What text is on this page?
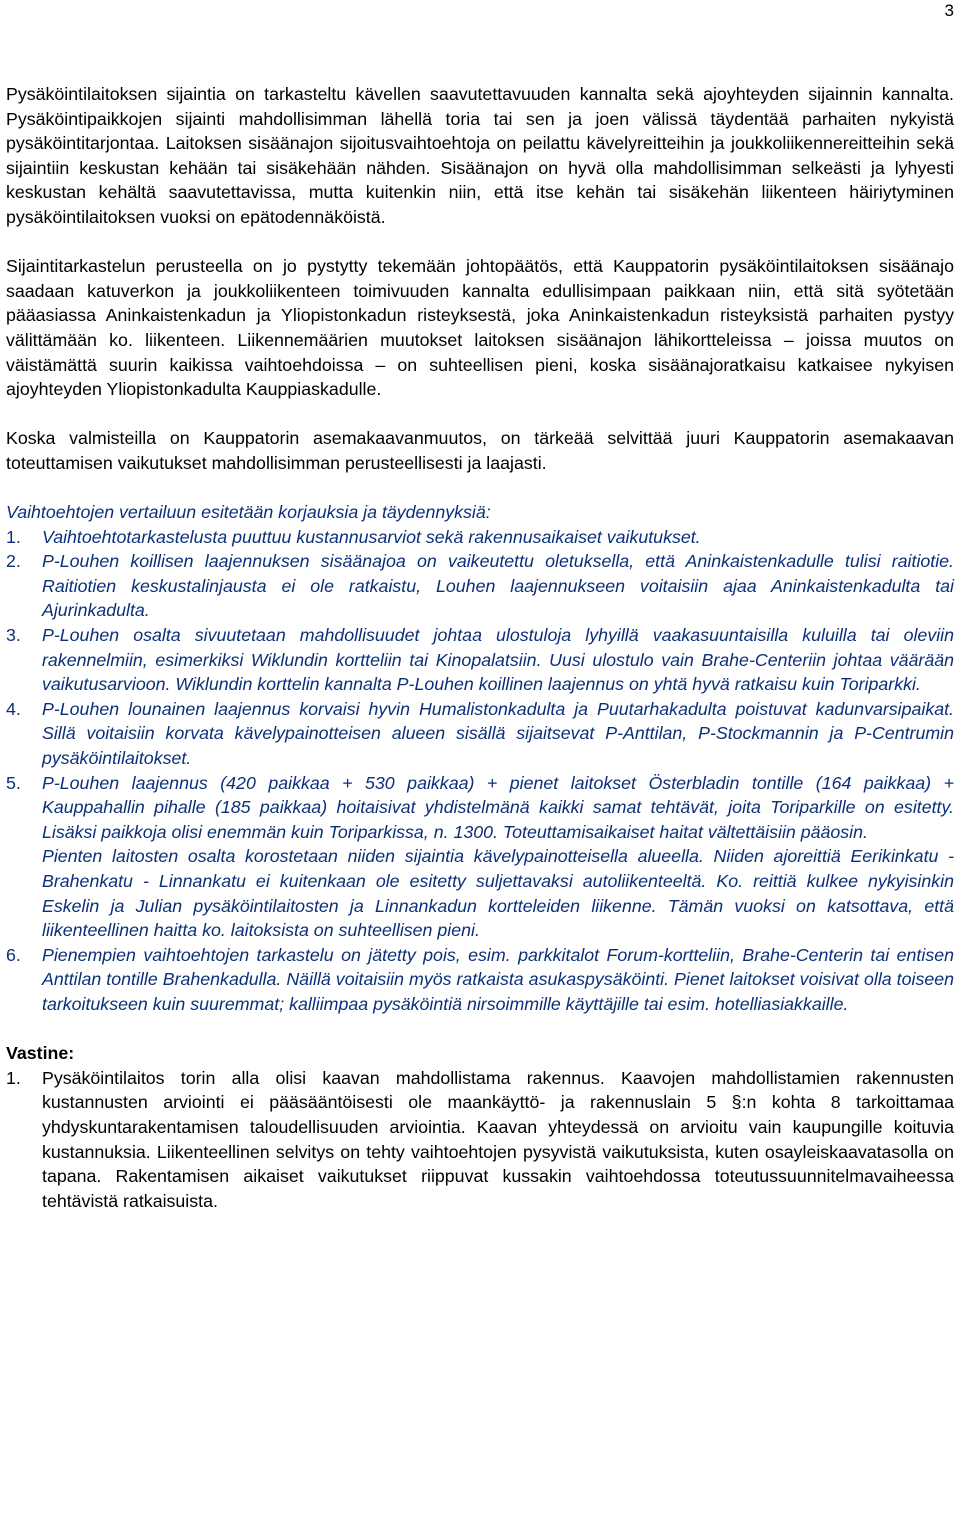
3

Pysäköintilaitoksen sijaintia on tarkasteltu kävellen saavutettavuuden kannalta sekä ajoyhteyden sijainnin kannalta. Pysäköintipaikkojen sijainti mahdollisimman lähellä toria tai sen ja joen välissä täydentää parhaiten nykyistä pysäköintitarjontaa. Laitoksen sisäänajon sijoitusvaihtoehtoja on peilattu kävelyreitteihin ja joukkoliikennereitteihin sekä sijaintiin keskustan kehään tai sisäkehään nähden. Sisäänajon on hyvä olla mahdollisimman selkeästi ja lyhyesti keskustan kehältä saavutettavissa, mutta kuitenkin niin, että itse kehän tai sisäkehän liikenteen häiriytyminen pysäköintilaitoksen vuoksi on epätodennäköistä.

Sijaintitarkastelun perusteella on jo pystytty tekemään johtopäätös, että Kauppatorin pysäköintilaitoksen sisäänajo saadaan katuverkon ja joukkoliikenteen toimivuuden kannalta edullisimpaan paikkaan niin, että sitä syötetään pääasiassa Aninkaistenkadun ja Yliopistonkadun risteyksestä, joka Aninkaistenkadun risteyksistä parhaiten pystyy välittämään ko. liikenteen. Liikennemäärien muutokset laitoksen sisäänajon lähikortteleissa – joissa muutos on väistämättä suurin kaikissa vaihtoehdoissa – on suhteellisen pieni, koska sisäänajoratkaisu katkaisee nykyisen ajoyhteyden Yliopistonkadulta Kauppiaskadulle.

Koska valmisteilla on Kauppatorin asemakaavanmuutos, on tärkeää selvittää juuri Kauppatorin asemakaavan toteuttamisen vaikutukset mahdollisimman perusteellisesti ja laajasti.

Vaihtoehtojen vertailuun esitetään korjauksia ja täydennyksiä:

1. Vaihtoehtotarkastelusta puuttuu kustannusarviot sekä rakennusaikaiset vaikutukset.
2. P-Louhen koillisen laajennuksen sisäänajoa on vaikeutettu oletuksella, että Aninkaistenkadulle tulisi raitiotie. Raitiotien keskustalinjausta ei ole ratkaistu, Louhen laajennukseen voitaisiin ajaa Aninkaistenkadulta tai Ajurinkadulta.
3. P-Louhen osalta sivuutetaan mahdollisuudet johtaa ulostuloja lyhyillä vaakasuuntaisilla kuluilla tai oleviin rakennelmiin, esimerkiksi Wiklundin kortteliin tai Kinopalatsiin. Uusi ulostulo vain Brahe-Centeriin johtaa väärään vaikutusarvioon. Wiklundin korttelin kannalta P-Louhen koillinen laajennus on yhtä hyvä ratkaisu kuin Toriparkki.
4. P-Louhen lounainen laajennus korvaisi hyvin Humalistonkadulta ja Puutarhakadulta poistuvat kadunvarsipaikat. Sillä voitaisiin korvata kävelypainotteisen alueen sisällä sijaitsevat P-Anttilan, P-Stockmannin ja P-Centrumin pysäköintilaitokset.
5. P-Louhen laajennus (420 paikkaa + 530 paikkaa) + pienet laitokset Österbladin tontille (164 paikkaa) + Kauppahallin pihalle (185 paikkaa) hoitaisivat yhdistelmänä kaikki samat tehtävät, joita Toriparkille on esitetty. Lisäksi paikkoja olisi enemmän kuin Toriparkissa, n. 1300. Toteuttamisaikaiset haitat vältettäisiin pääosin.
Pienten laitosten osalta korostetaan niiden sijaintia kävelypainotteisella alueella. Niiden ajoreittiä Eerikinkatu - Brahenkatu - Linnankatu ei kuitenkaan ole esitetty suljettavaksi autoliikenteeltä. Ko. reittiä kulkee nykyisinkin Eskelin ja Julian pysäköintilaitosten ja Linnankadun kortteleiden liikenne. Tämän vuoksi on katsottava, että liikenteellinen haitta ko. laitoksista on suhteellisen pieni.
6. Pienempien vaihtoehtojen tarkastelu on jätetty pois, esim. parkkitalot Forum-kortteliin, Brahe-Centerin tai entisen Anttilan tontille Brahenkadulla. Näillä voitaisiin myös ratkaista asukaspysäköinti. Pienet laitokset voisivat olla toiseen tarkoitukseen kuin suuremmat; kalliimpaa pysäköintiä nirsoimmille käyttäjille tai esim. hotelliasiakkaille.

Vastine:

1. Pysäköintilaitos torin alla olisi kaavan mahdollistama rakennus. Kaavojen mahdollistamien rakennusten kustannusten arviointi ei pääsääntöisesti ole maankäyttö- ja rakennuslain 5 §:n kohta 8 tarkoittamaa yhdyskuntarakentamisen taloudellisuuden arviointia. Kaavan yhteydessä on arvioitu vain kaupungille koituvia kustannuksia. Liikenteellinen selvitys on tehty vaihtoehtojen pysyvistä vaikutuksista, kuten osayleiskaavatasolla on tapana. Rakentamisen aikaiset vaikutukset riippuvat kussakin vaihtoehdossa toteutussuunnitelmavaiheessa tehtävistä ratkaisuista.
